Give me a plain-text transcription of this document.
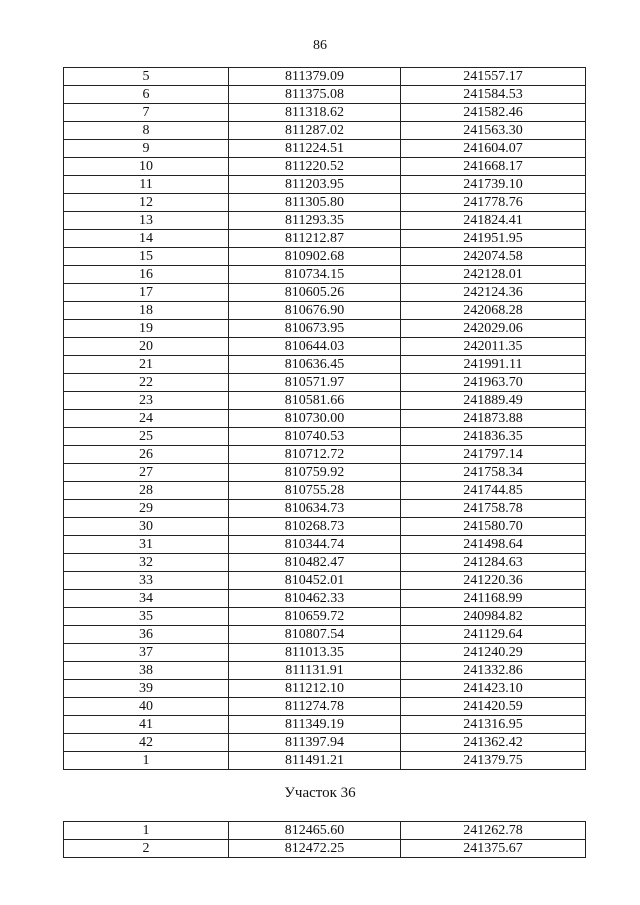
86
5	811379.09	241557.17
6	811375.08	241584.53
7	811318.62	241582.46
8	811287.02	241563.30
9	811224.51	241604.07
10	811220.52	241668.17
11	811203.95	241739.10
12	811305.80	241778.76
13	811293.35	241824.41
14	811212.87	241951.95
15	810902.68	242074.58
16	810734.15	242128.01
17	810605.26	242124.36
18	810676.90	242068.28
19	810673.95	242029.06
20	810644.03	242011.35
21	810636.45	241991.11
22	810571.97	241963.70
23	810581.66	241889.49
24	810730.00	241873.88
25	810740.53	241836.35
26	810712.72	241797.14
27	810759.92	241758.34
28	810755.28	241744.85
29	810634.73	241758.78
30	810268.73	241580.70
31	810344.74	241498.64
32	810482.47	241284.63
33	810452.01	241220.36
34	810462.33	241168.99
35	810659.72	240984.82
36	810807.54	241129.64
37	811013.35	241240.29
38	811131.91	241332.86
39	811212.10	241423.10
40	811274.78	241420.59
41	811349.19	241316.95
42	811397.94	241362.42
1	811491.21	241379.75
Участок 36
1	812465.60	241262.78
2	812472.25	241375.67
